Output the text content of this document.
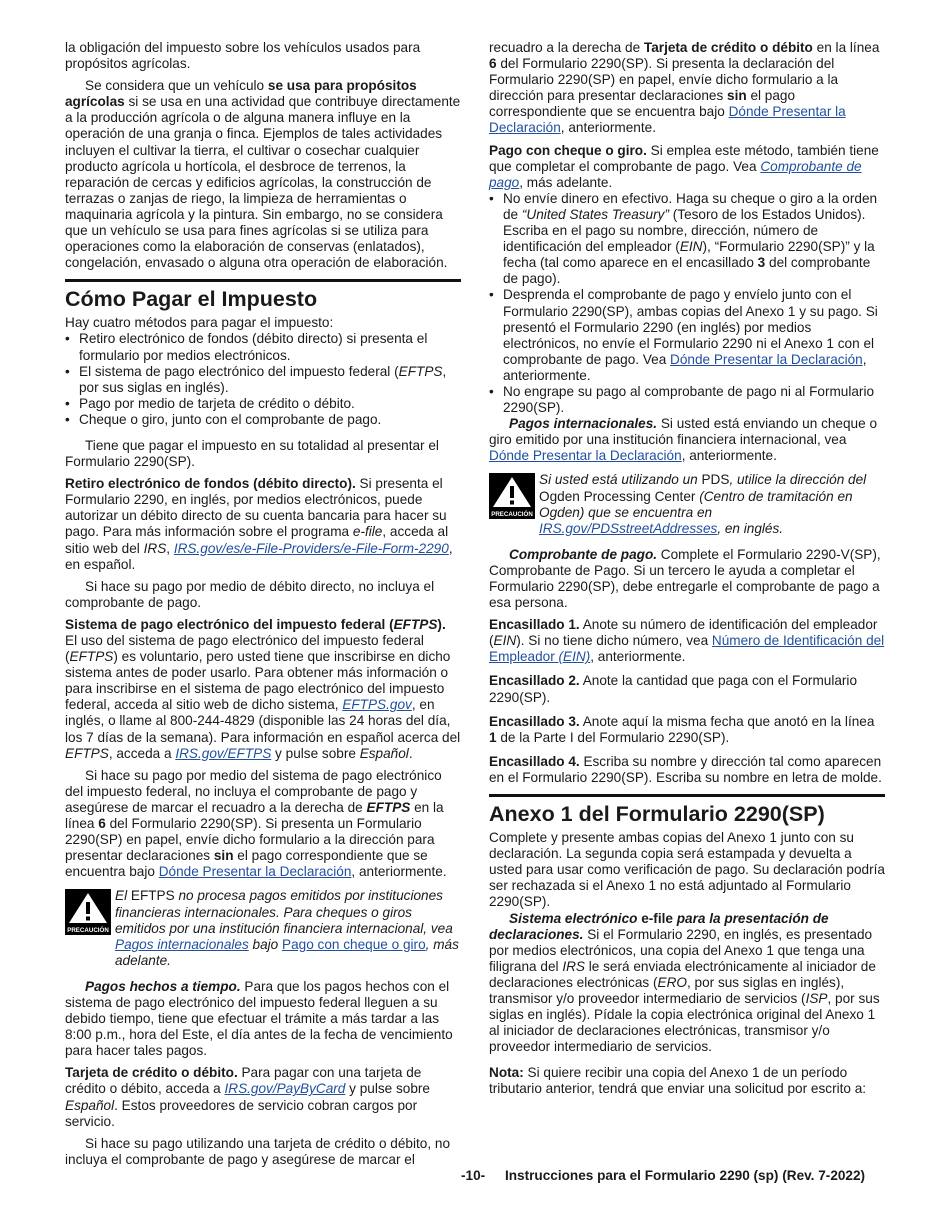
la obligación del impuesto sobre los vehículos usados para propósitos agrícolas.

Se considera que un vehículo se usa para propósitos agrícolas si se usa en una actividad que contribuye directamente a la producción agrícola o de alguna manera influye en la operación de una granja o finca. Ejemplos de tales actividades incluyen el cultivar la tierra, el cultivar o cosechar cualquier producto agrícola u hortícola, el desbroce de terrenos, la reparación de cercas y edificios agrícolas, la construcción de terrazas o zanjas de riego, la limpieza de herramientas o maquinaria agrícola y la pintura. Sin embargo, no se considera que un vehículo se usa para fines agrícolas si se utiliza para operaciones como la elaboración de conservas (enlatados), congelación, envasado o alguna otra operación de elaboración.

Cómo Pagar el Impuesto

Hay cuatro métodos para pagar el impuesto:

• Retiro electrónico de fondos (débito directo) si presenta el formulario por medios electrónicos.

• El sistema de pago electrónico del impuesto federal (EFTPS, por sus siglas en inglés).

• Pago por medio de tarjeta de crédito o débito.

• Cheque o giro, junto con el comprobante de pago.

Tiene que pagar el impuesto en su totalidad al presentar el Formulario 2290(SP).

Retiro electrónico de fondos (débito directo). Si presenta el Formulario 2290, en inglés, por medios electrónicos, puede autorizar un débito directo de su cuenta bancaria para hacer su pago. Para más información sobre el programa e-file, acceda al sitio web del IRS, IRS.gov/es/e-File-Providers/e-File-Form-2290, en español.

Si hace su pago por medio de débito directo, no incluya el comprobante de pago.

Sistema de pago electrónico del impuesto federal (EFTPS). El uso del sistema de pago electrónico del impuesto federal (EFTPS) es voluntario, pero usted tiene que inscribirse en dicho sistema antes de poder usarlo. Para obtener más información o para inscribirse en el sistema de pago electrónico del impuesto federal, acceda al sitio web de dicho sistema, EFTPS.gov, en inglés, o llame al 800-244-4829 (disponible las 24 horas del día, los 7 días de la semana). Para información en español acerca del EFTPS, acceda a IRS.gov/EFTPS y pulse sobre Español.

Si hace su pago por medio del sistema de pago electrónico del impuesto federal, no incluya el comprobante de pago y asegúrese de marcar el recuadro a la derecha de EFTPS en la línea 6 del Formulario 2290(SP). Si presenta un Formulario 2290(SP) en papel, envíe dicho formulario a la dirección para presentar declaraciones sin el pago correspondiente que se encuentra bajo Dónde Presentar la Declaración, anteriormente.

PRECAUCIÓN
El EFTPS no procesa pagos emitidos por instituciones financieras internacionales. Para cheques o giros emitidos por una institución financiera internacional, vea Pagos internacionales bajo Pago con cheque o giro, más adelante.

Pagos hechos a tiempo. Para que los pagos hechos con el sistema de pago electrónico del impuesto federal lleguen a su debido tiempo, tiene que efectuar el trámite a más tardar a las 8:00 p.m., hora del Este, el día antes de la fecha de vencimiento para hacer tales pagos.

Tarjeta de crédito o débito. Para pagar con una tarjeta de crédito o débito, acceda a IRS.gov/PayByCard y pulse sobre Español. Estos proveedores de servicio cobran cargos por servicio.

Si hace su pago utilizando una tarjeta de crédito o débito, no incluya el comprobante de pago y asegúrese de marcar el

recuadro a la derecha de Tarjeta de crédito o débito en la línea 6 del Formulario 2290(SP). Si presenta la declaración del Formulario 2290(SP) en papel, envíe dicho formulario a la dirección para presentar declaraciones sin el pago correspondiente que se encuentra bajo Dónde Presentar la Declaración, anteriormente.

Pago con cheque o giro. Si emplea este método, también tiene que completar el comprobante de pago. Vea Comprobante de pago, más adelante.

• No envíe dinero en efectivo. Haga su cheque o giro a la orden de “United States Treasury” (Tesoro de los Estados Unidos). Escriba en el pago su nombre, dirección, número de identificación del empleador (EIN), “Formulario 2290(SP)” y la fecha (tal como aparece en el encasillado 3 del comprobante de pago).

• Desprenda el comprobante de pago y envíelo junto con el Formulario 2290(SP), ambas copias del Anexo 1 y su pago. Si presentó el Formulario 2290 (en inglés) por medios electrónicos, no envíe el Formulario 2290 ni el Anexo 1 con el comprobante de pago. Vea Dónde Presentar la Declaración, anteriormente.

• No engrape su pago al comprobante de pago ni al Formulario 2290(SP).

Pagos internacionales. Si usted está enviando un cheque o giro emitido por una institución financiera internacional, vea Dónde Presentar la Declaración, anteriormente.

PRECAUCIÓN
Si usted está utilizando un PDS, utilice la dirección del Ogden Processing Center (Centro de tramitación en Ogden) que se encuentra en IRS.gov/PDSstreetAddresses, en inglés.

Comprobante de pago. Complete el Formulario 2290-V(SP), Comprobante de Pago. Si un tercero le ayuda a completar el Formulario 2290(SP), debe entregarle el comprobante de pago a esa persona.

Encasillado 1. Anote su número de identificación del empleador (EIN). Si no tiene dicho número, vea Número de Identificación del Empleador (EIN), anteriormente.

Encasillado 2. Anote la cantidad que paga con el Formulario 2290(SP).

Encasillado 3. Anote aquí la misma fecha que anotó en la línea 1 de la Parte I del Formulario 2290(SP).

Encasillado 4. Escriba su nombre y dirección tal como aparecen en el Formulario 2290(SP). Escriba su nombre en letra de molde.

Anexo 1 del Formulario 2290(SP)

Complete y presente ambas copias del Anexo 1 junto con su declaración. La segunda copia será estampada y devuelta a usted para usar como verificación de pago. Su declaración podría ser rechazada si el Anexo 1 no está adjuntado al Formulario 2290(SP).

Sistema electrónico e-file para la presentación de declaraciones. Si el Formulario 2290, en inglés, es presentado por medios electrónicos, una copia del Anexo 1 que tenga una filigrana del IRS le será enviada electrónicamente al iniciador de declaraciones electrónicas (ERO, por sus siglas en inglés), transmisor y/o proveedor intermediario de servicios (ISP, por sus siglas en inglés). Pídale la copia electrónica original del Anexo 1 al iniciador de declaraciones electrónicas, transmisor y/o proveedor intermediario de servicios.

Nota: Si quiere recibir una copia del Anexo 1 de un período tributario anterior, tendrá que enviar una solicitud por escrito a:

-10- Instrucciones para el Formulario 2290 (sp) (Rev. 7-2022)
